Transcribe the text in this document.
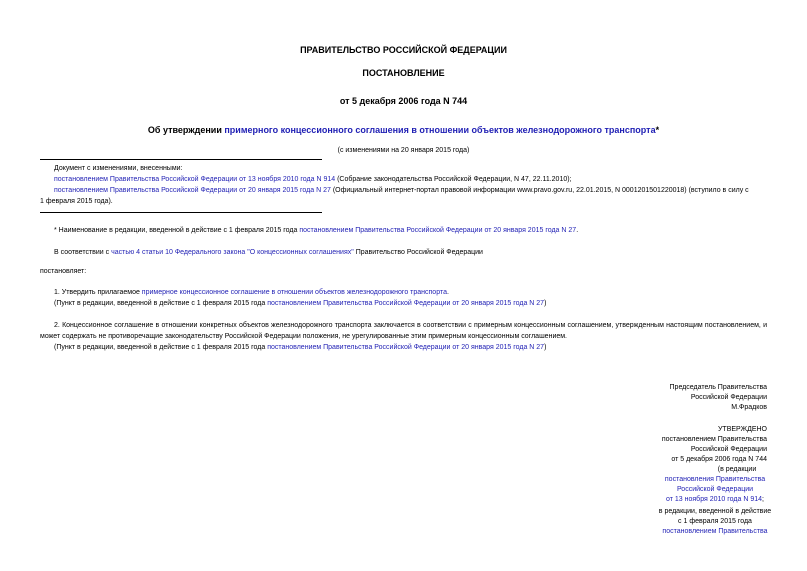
ПРАВИТЕЛЬСТВО РОССИЙСКОЙ ФЕДЕРАЦИИ
ПОСТАНОВЛЕНИЕ
от 5 декабря 2006 года N 744
Об утверждении примерного концессионного соглашения в отношении объектов железнодорожного транспорта*
(с изменениями на 20 января 2015 года)
Документ с изменениями, внесенными:
постановлением Правительства Российской Федерации от 13 ноября 2010 года N 914 (Собрание законодательства Российской Федерации, N 47, 22.11.2010);
постановлением Правительства Российской Федерации от 20 января 2015 года N 27 (Официальный интернет-портал правовой информации www.pravo.gov.ru, 22.01.2015, N 0001201501220018) (вступило в силу с
1 февраля 2015 года).
* Наименование в редакции, введенной в действие с 1 февраля 2015 года постановлением Правительства Российской Федерации от 20 января 2015 года N 27.
В соответствии с частью 4 статьи 10 Федерального закона "О концессионных соглашениях" Правительство Российской Федерации
постановляет:
1. Утвердить прилагаемое примерное концессионное соглашение в отношении объектов железнодорожного транспорта.
(Пункт в редакции, введенной в действие с 1 февраля 2015 года постановлением Правительства Российской Федерации от 20 января 2015 года N 27)
2. Концессионное соглашение в отношении конкретных объектов железнодорожного транспорта заключается в соответствии с примерным концессионным соглашением, утвержденным настоящим постановлением, и может содержать не противоречащие законодательству Российской Федерации положения, не урегулированные этим примерным концессионным соглашением.
(Пункт в редакции, введенной в действие с 1 февраля 2015 года постановлением Правительства Российской Федерации от 20 января 2015 года N 27)
Председатель Правительства
Российской Федерации
М.Фрадков
УТВЕРЖДЕНО
постановлением Правительства
Российской Федерации
от 5 декабря 2006 года N 744
(в редакции
постановления Правительства
Российской Федерации
от 13 ноября 2010 года N 914;
в редакции, введенной в действие
с 1 февраля 2015 года
постановлением Правительства
